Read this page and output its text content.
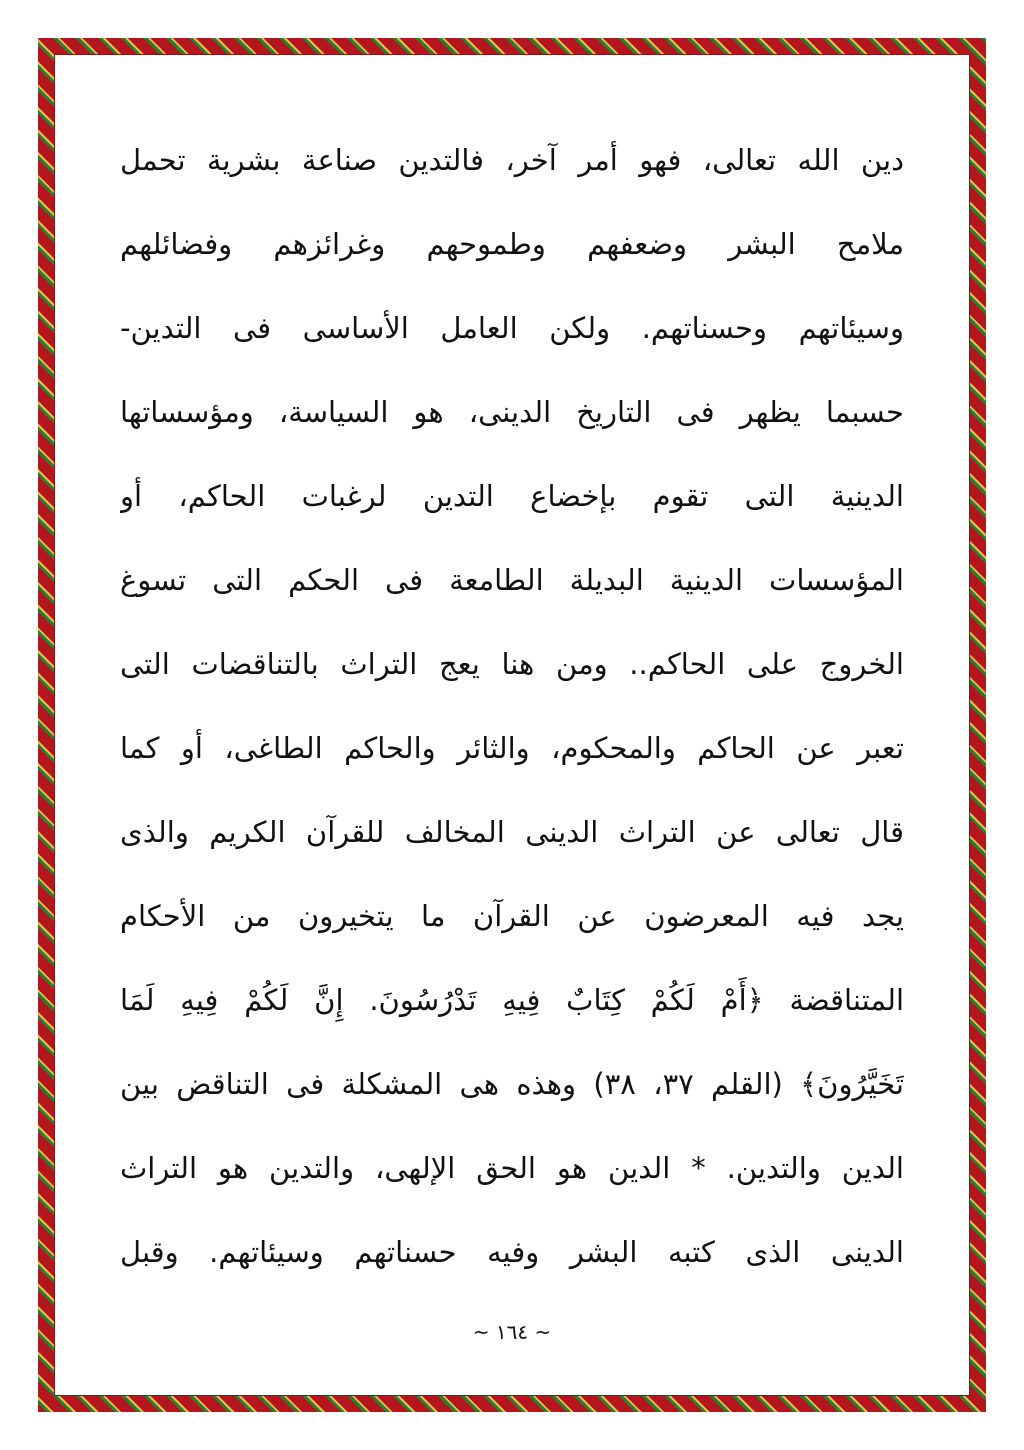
دين الله تعالى، فهو أمر آخر، فالتدين صناعة بشرية تحمل
ملامح البشر وضعفهم وطموحهم وغرائزهم وفضائلهم
وسيئاتهم وحسناتهم. ولكن العامل الأساسى فى التدين-
حسبما يظهر فى التاريخ الدينى، هو السياسة، ومؤسساتها
الدينية التى تقوم بإخضاع التدين لرغبات الحاكم، أو
المؤسسات الدينية البديلة الطامعة فى الحكم التى تسوغ
الخروج على الحاكم.. ومن هنا يعج التراث بالتناقضات التى
تعبر عن الحاكم والمحكوم، والثائر والحاكم الطاغى، أو كما
قال تعالى عن التراث الدينى المخالف للقرآن الكريم والذى
يجد فيه المعرضون عن القرآن ما يتخيرون من الأحكام
المتناقضة ﴿أَمْ لَكُمْ كِتَابٌ فِيهِ تَدْرُسُونَ. إِنَّ لَكُمْ فِيهِ لَمَا
تَخَيَّرُونَ﴾ (القلم ٣٧، ٣٨) وهذه هى المشكلة فى التناقض بين
الدين والتدين. * الدين هو الحق الإلهى، والتدين هو التراث
الدينى الذى كتبه البشر وفيه حسناتهم وسيئاتهم. وقبل
~ ١٦٤ ~
